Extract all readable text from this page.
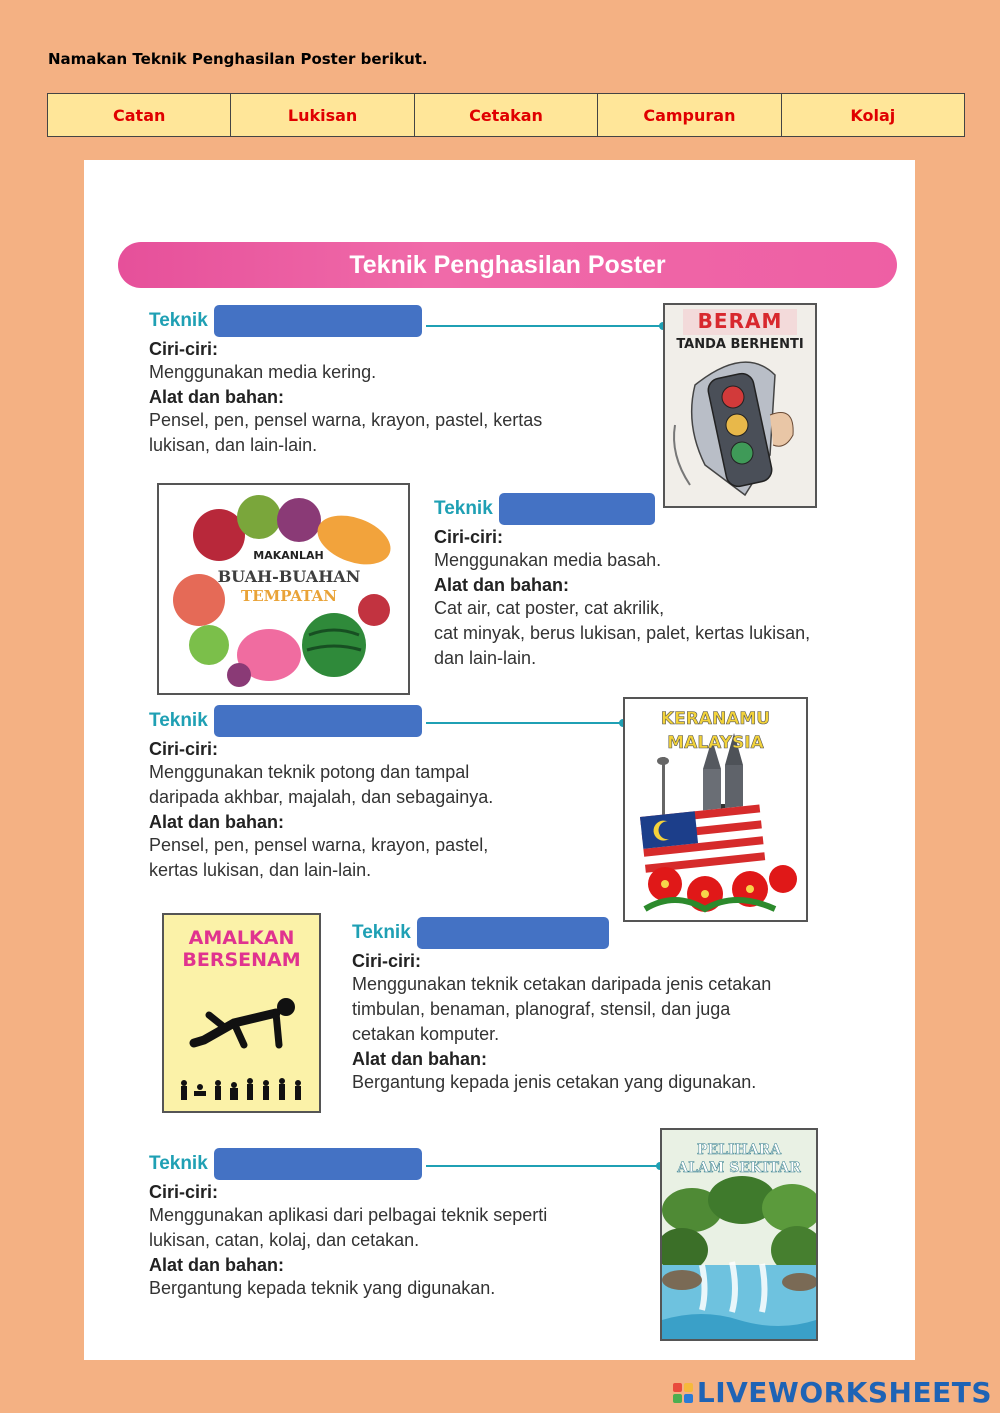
Namakan Teknik Penghasilan Poster berikut.
Catan	Lukisan	Cetakan	Campuran	Kolaj
Teknik Penghasilan Poster
Teknik
Ciri-ciri:
Menggunakan media kering.
Alat dan bahan:
Pensel, pen, pensel warna, krayon, pastel, kertas
lukisan, dan lain-lain.
BERAM
TANDA BERHENTI
MAKANLAH
BUAH-BUAHAN
TEMPATAN
Teknik
Ciri-ciri:
Menggunakan media basah.
Alat dan bahan:
Cat air, cat poster, cat akrilik,
cat minyak, berus lukisan, palet, kertas lukisan,
dan lain-lain.
Teknik
Ciri-ciri:
Menggunakan teknik potong dan tampal
daripada akhbar, majalah, dan sebagainya.
Alat dan bahan:
Pensel, pen, pensel warna, krayon, pastel,
kertas lukisan, dan lain-lain.
KERANAMU
MALAYSIA
AMALKAN
BERSENAM
Teknik
Ciri-ciri:
Menggunakan teknik cetakan daripada jenis cetakan
timbulan, benaman, planograf, stensil, dan juga
cetakan komputer.
Alat dan bahan:
Bergantung kepada jenis cetakan yang digunakan.
Teknik
Ciri-ciri:
Menggunakan aplikasi dari pelbagai teknik seperti
lukisan, catan, kolaj, dan cetakan.
Alat dan bahan:
Bergantung kepada teknik yang digunakan.
PELIHARA
ALAM SEKITAR
LIVEWORKSHEETS
